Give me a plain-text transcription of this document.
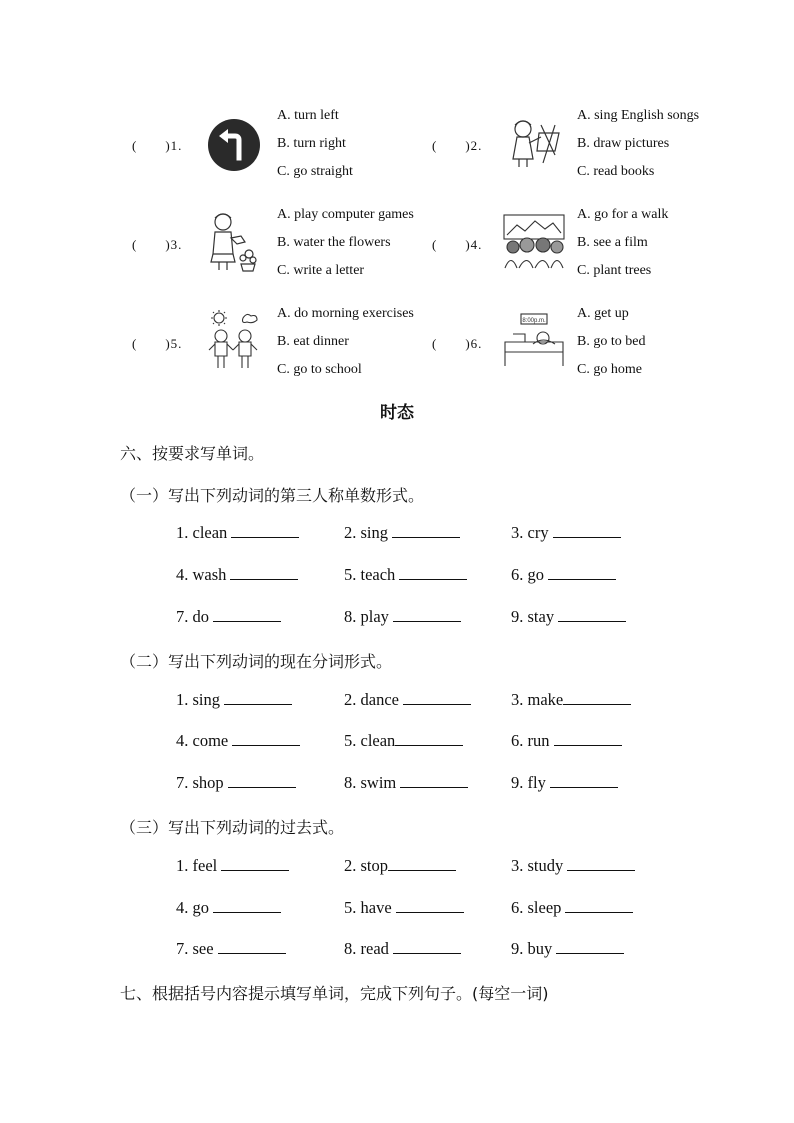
(　　)1.
A. turn left
B. turn right
C. go straight
(　　)2.
A. sing English songs
B. draw pictures
C. read books
(　　)3.
A. play computer games
B. water the flowers
C. write a letter
(　　)4.
A. go for a walk
B. see a film
C. plant trees
(　　)5.
A. do morning exercises
B. eat dinner
C. go to school
(　　)6.
8:00p.m. A. get up
B. go to bed
C. go home
时态
六、按要求写单词。
（一）写出下列动词的第三人称单数形式。
1. clean	2. sing	3. cry
4. wash	5. teach	6. go
7. do	8. play	9. stay
（二）写出下列动词的现在分词形式。
1. sing	2. dance	3. make
4. come	5. clean	6. run
7. shop	8. swim	9. fly
（三）写出下列动词的过去式。
1. feel	2. stop	3. study
4. go	5. have	6. sleep
7. see	8. read	9. buy
七、根据括号内容提示填写单词，完成下列句子。(每空一词)
